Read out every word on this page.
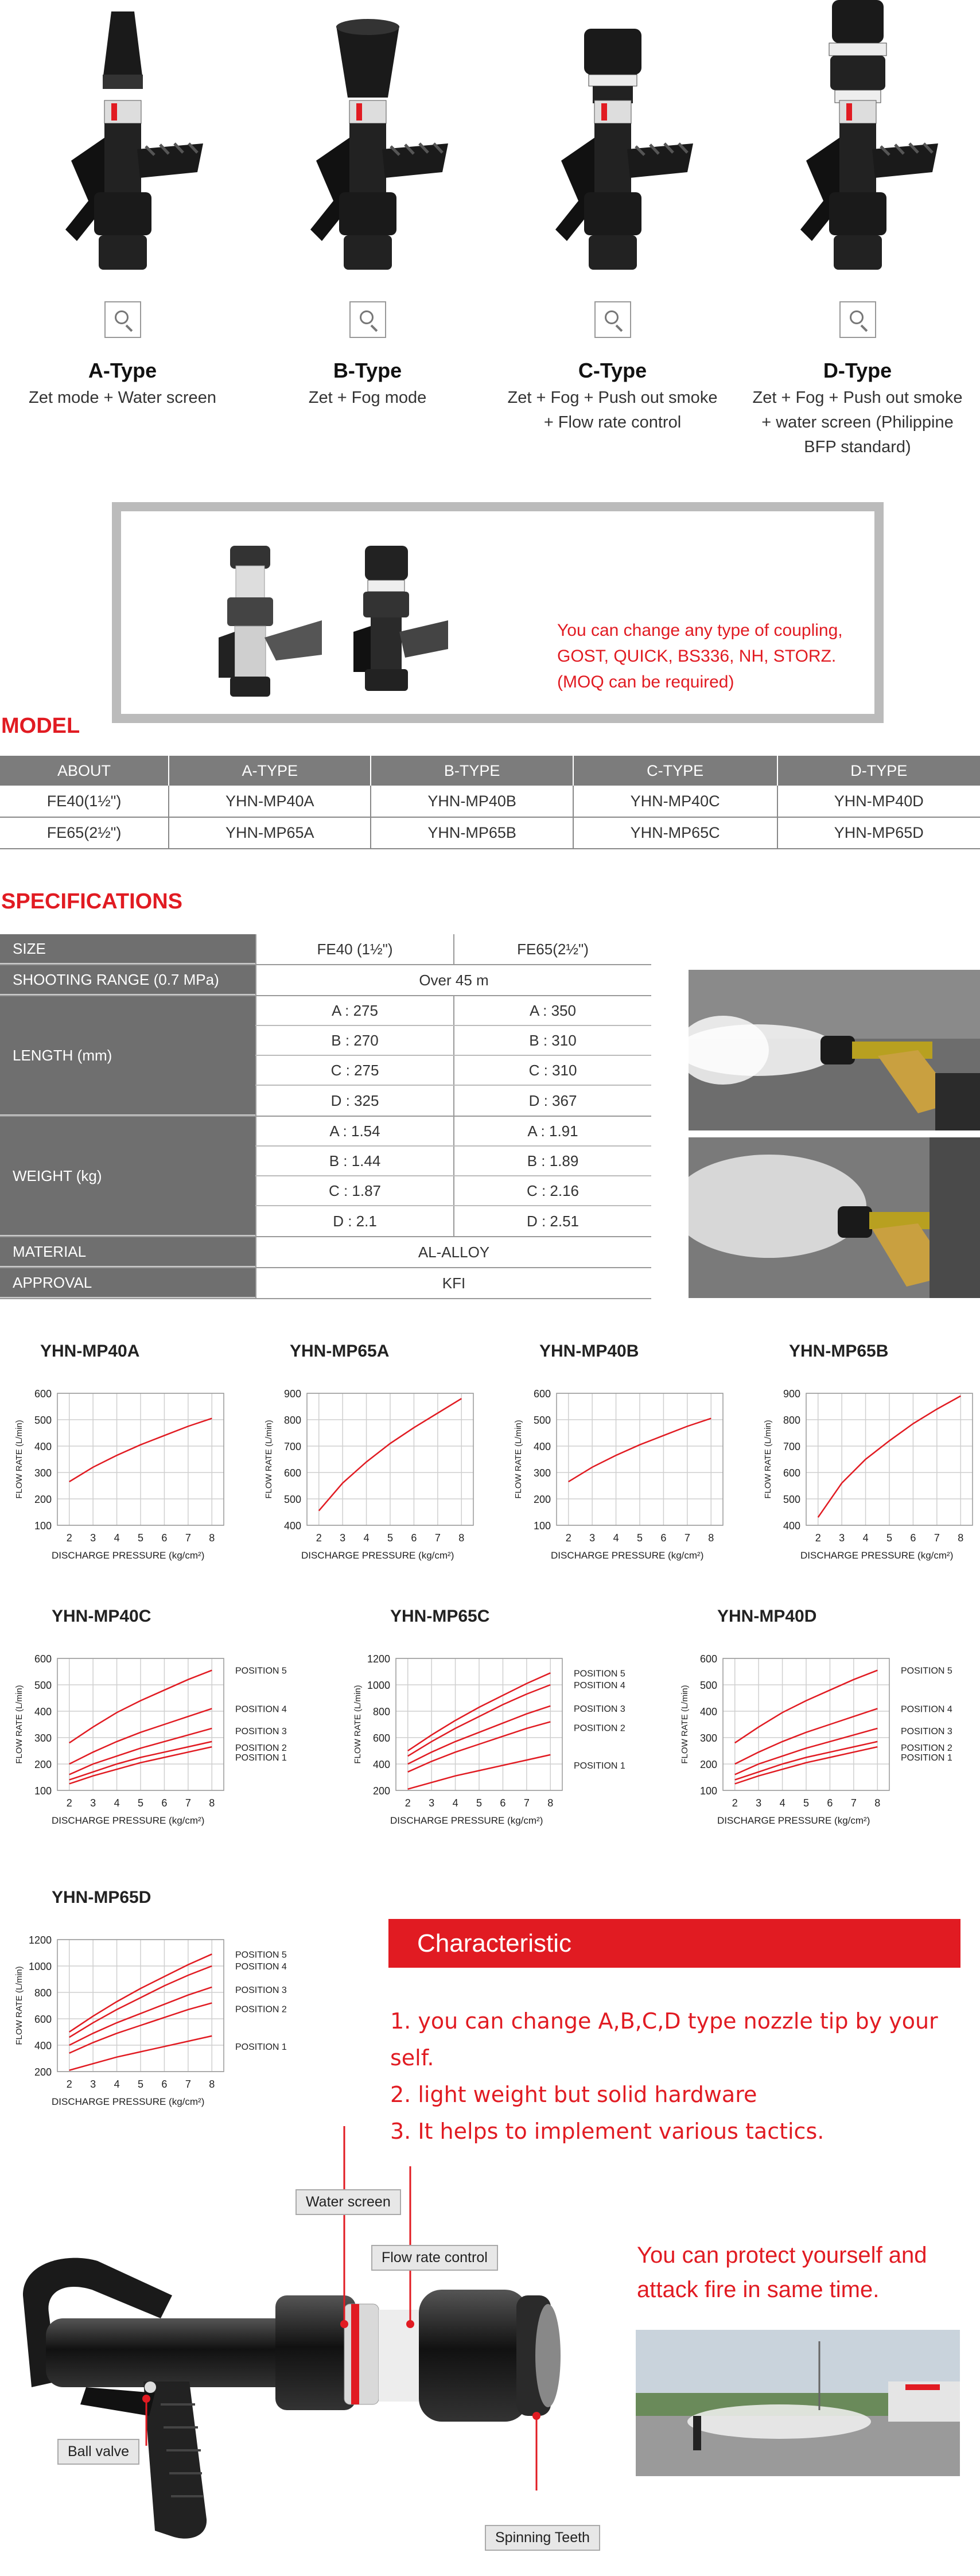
A-Type
Zet mode + Water screen
B-Type
Zet + Fog mode
C-Type
Zet + Fog + Push out smoke + Flow rate control
D-Type
Zet + Fog + Push out smoke + water screen (Philippine BFP standard)
You can change any type of coupling,
GOST, QUICK, BS336, NH, STORZ.
(MOQ can be required)
MODEL
ABOUT	A-TYPE	B-TYPE	C-TYPE	D-TYPE
FE40(1½")	YHN-MP40A	YHN-MP40B	YHN-MP40C	YHN-MP40D
FE65(2½")	YHN-MP65A	YHN-MP65B	YHN-MP65C	YHN-MP65D
SPECIFICATIONS
SIZE	FE40 (1½")	FE65(2½")
SHOOTING RANGE (0.7 MPa)	Over 45 m
LENGTH (mm)
A : 275	A : 350
B : 270	B : 310
C : 275	C : 310
D : 325	D : 367
WEIGHT (kg)
A : 1.54	A : 1.91
B : 1.44	B : 1.89
C : 1.87	C : 2.16
D : 2.1	D : 2.51
MATERIAL	AL-ALLOY
APPROVAL	KFI
YHN-MP40A
100
200
300
400
500
600
2 3 4 5 6 7 8
DISCHARGE PRESSURE (kg/cm²)
FLOW RATE (L/min)
YHN-MP65A
400
500
600
700
800
900
2 3 4 5 6 7 8
DISCHARGE PRESSURE (kg/cm²)
FLOW RATE (L/min)
YHN-MP40B
100
200
300
400
500
600
2 3 4 5 6 7 8
DISCHARGE PRESSURE (kg/cm²)
FLOW RATE (L/min)
YHN-MP65B
400
500
600
700
800
900
2 3 4 5 6 7 8
DISCHARGE PRESSURE (kg/cm²)
FLOW RATE (L/min)
YHN-MP40C
100
200
300
400
500
600
2 3 4 5 6 7 8
DISCHARGE PRESSURE (kg/cm²)
FLOW RATE (L/min)
POSITION 5
POSITION 4
POSITION 3
POSITION 2
POSITION 1
YHN-MP65C
200
400
600
800
1000
1200
2 3 4 5 6 7 8
DISCHARGE PRESSURE (kg/cm²)
FLOW RATE (L/min)
POSITION 5
POSITION 4
POSITION 3
POSITION 2
POSITION 1
YHN-MP40D
100
200
300
400
500
600
2 3 4 5 6 7 8
DISCHARGE PRESSURE (kg/cm²)
FLOW RATE (L/min)
POSITION 5
POSITION 4
POSITION 3
POSITION 2
POSITION 1
YHN-MP65D
200
400
600
800
1000
1200
2 3 4 5 6 7 8
DISCHARGE PRESSURE (kg/cm²)
FLOW RATE (L/min)
POSITION 5
POSITION 4
POSITION 3
POSITION 2
POSITION 1
Characteristic
1. you can change A,B,C,D type nozzle tip by your self.
2. light weight but solid hardware
3. It helps to implement various tactics.
Water screen
Flow rate control
Ball valve
Spinning Teeth
You can protect yourself and
attack fire in same time.
